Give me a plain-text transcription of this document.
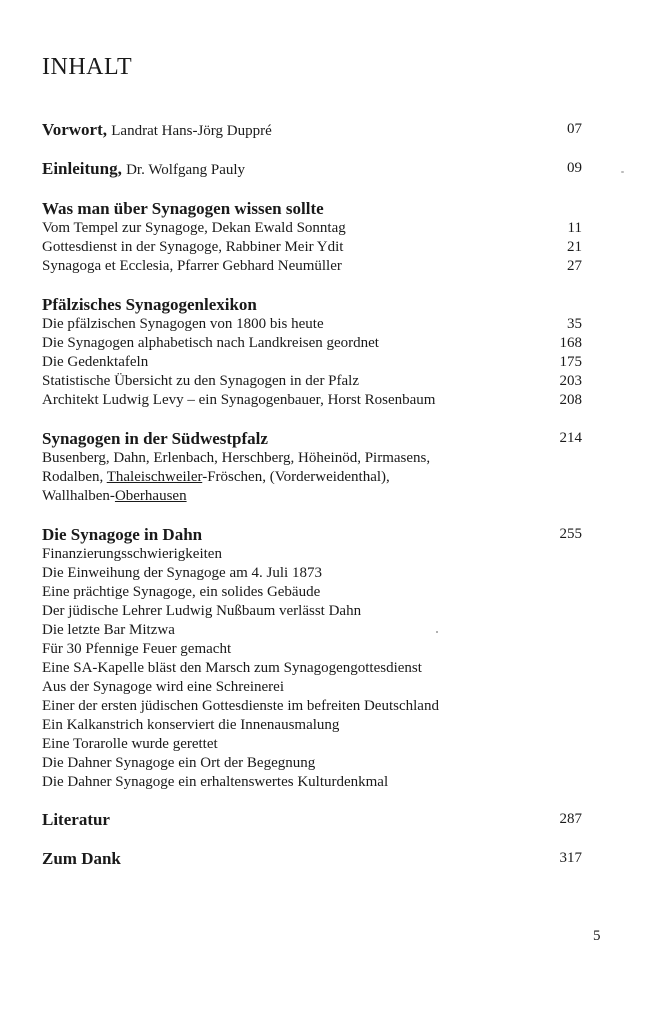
INHALT
Vorwort, Landrat Hans-Jörg Duppré	07
Einleitung, Dr. Wolfgang Pauly	09
Was man über Synagogen wissen sollte
Vom Tempel zur Synagoge, Dekan Ewald Sonntag	11
Gottesdienst in der Synagoge, Rabbiner Meir Ydit	21
Synagoga et Ecclesia, Pfarrer Gebhard Neumüller	27
Pfälzisches Synagogenlexikon
Die pfälzischen Synagogen von 1800 bis heute	35
Die Synagogen alphabetisch nach Landkreisen geordnet	168
Die Gedenktafeln	175
Statistische Übersicht zu den Synagogen in der Pfalz	203
Architekt Ludwig Levy – ein Synagogenbauer, Horst Rosenbaum	208
Synagogen in der Südwestpfalz	214
Busenberg, Dahn, Erlenbach, Herschberg, Höheinöd, Pirmasens,
Rodalben, Thaleischweiler-Fröschen, (Vorderweidenthal),
Wallhalben-Oberhausen
Die Synagoge in Dahn	255
Finanzierungsschwierigkeiten
Die Einweihung der Synagoge am 4. Juli 1873
Eine prächtige Synagoge, ein solides Gebäude
Der jüdische Lehrer Ludwig Nußbaum verlässt Dahn
Die letzte Bar Mitzwa
Für 30 Pfennige Feuer gemacht
Eine SA-Kapelle bläst den Marsch zum Synagogengottesdienst
Aus der Synagoge wird eine Schreinerei
Einer der ersten jüdischen Gottesdienste im befreiten Deutschland
Ein Kalkanstrich konserviert die Innenausmalung
Eine Torarolle wurde gerettet
Die Dahner Synagoge ein Ort der Begegnung
Die Dahner Synagoge ein erhaltenswertes Kulturdenkmal
Literatur	287
Zum Dank	317
5
